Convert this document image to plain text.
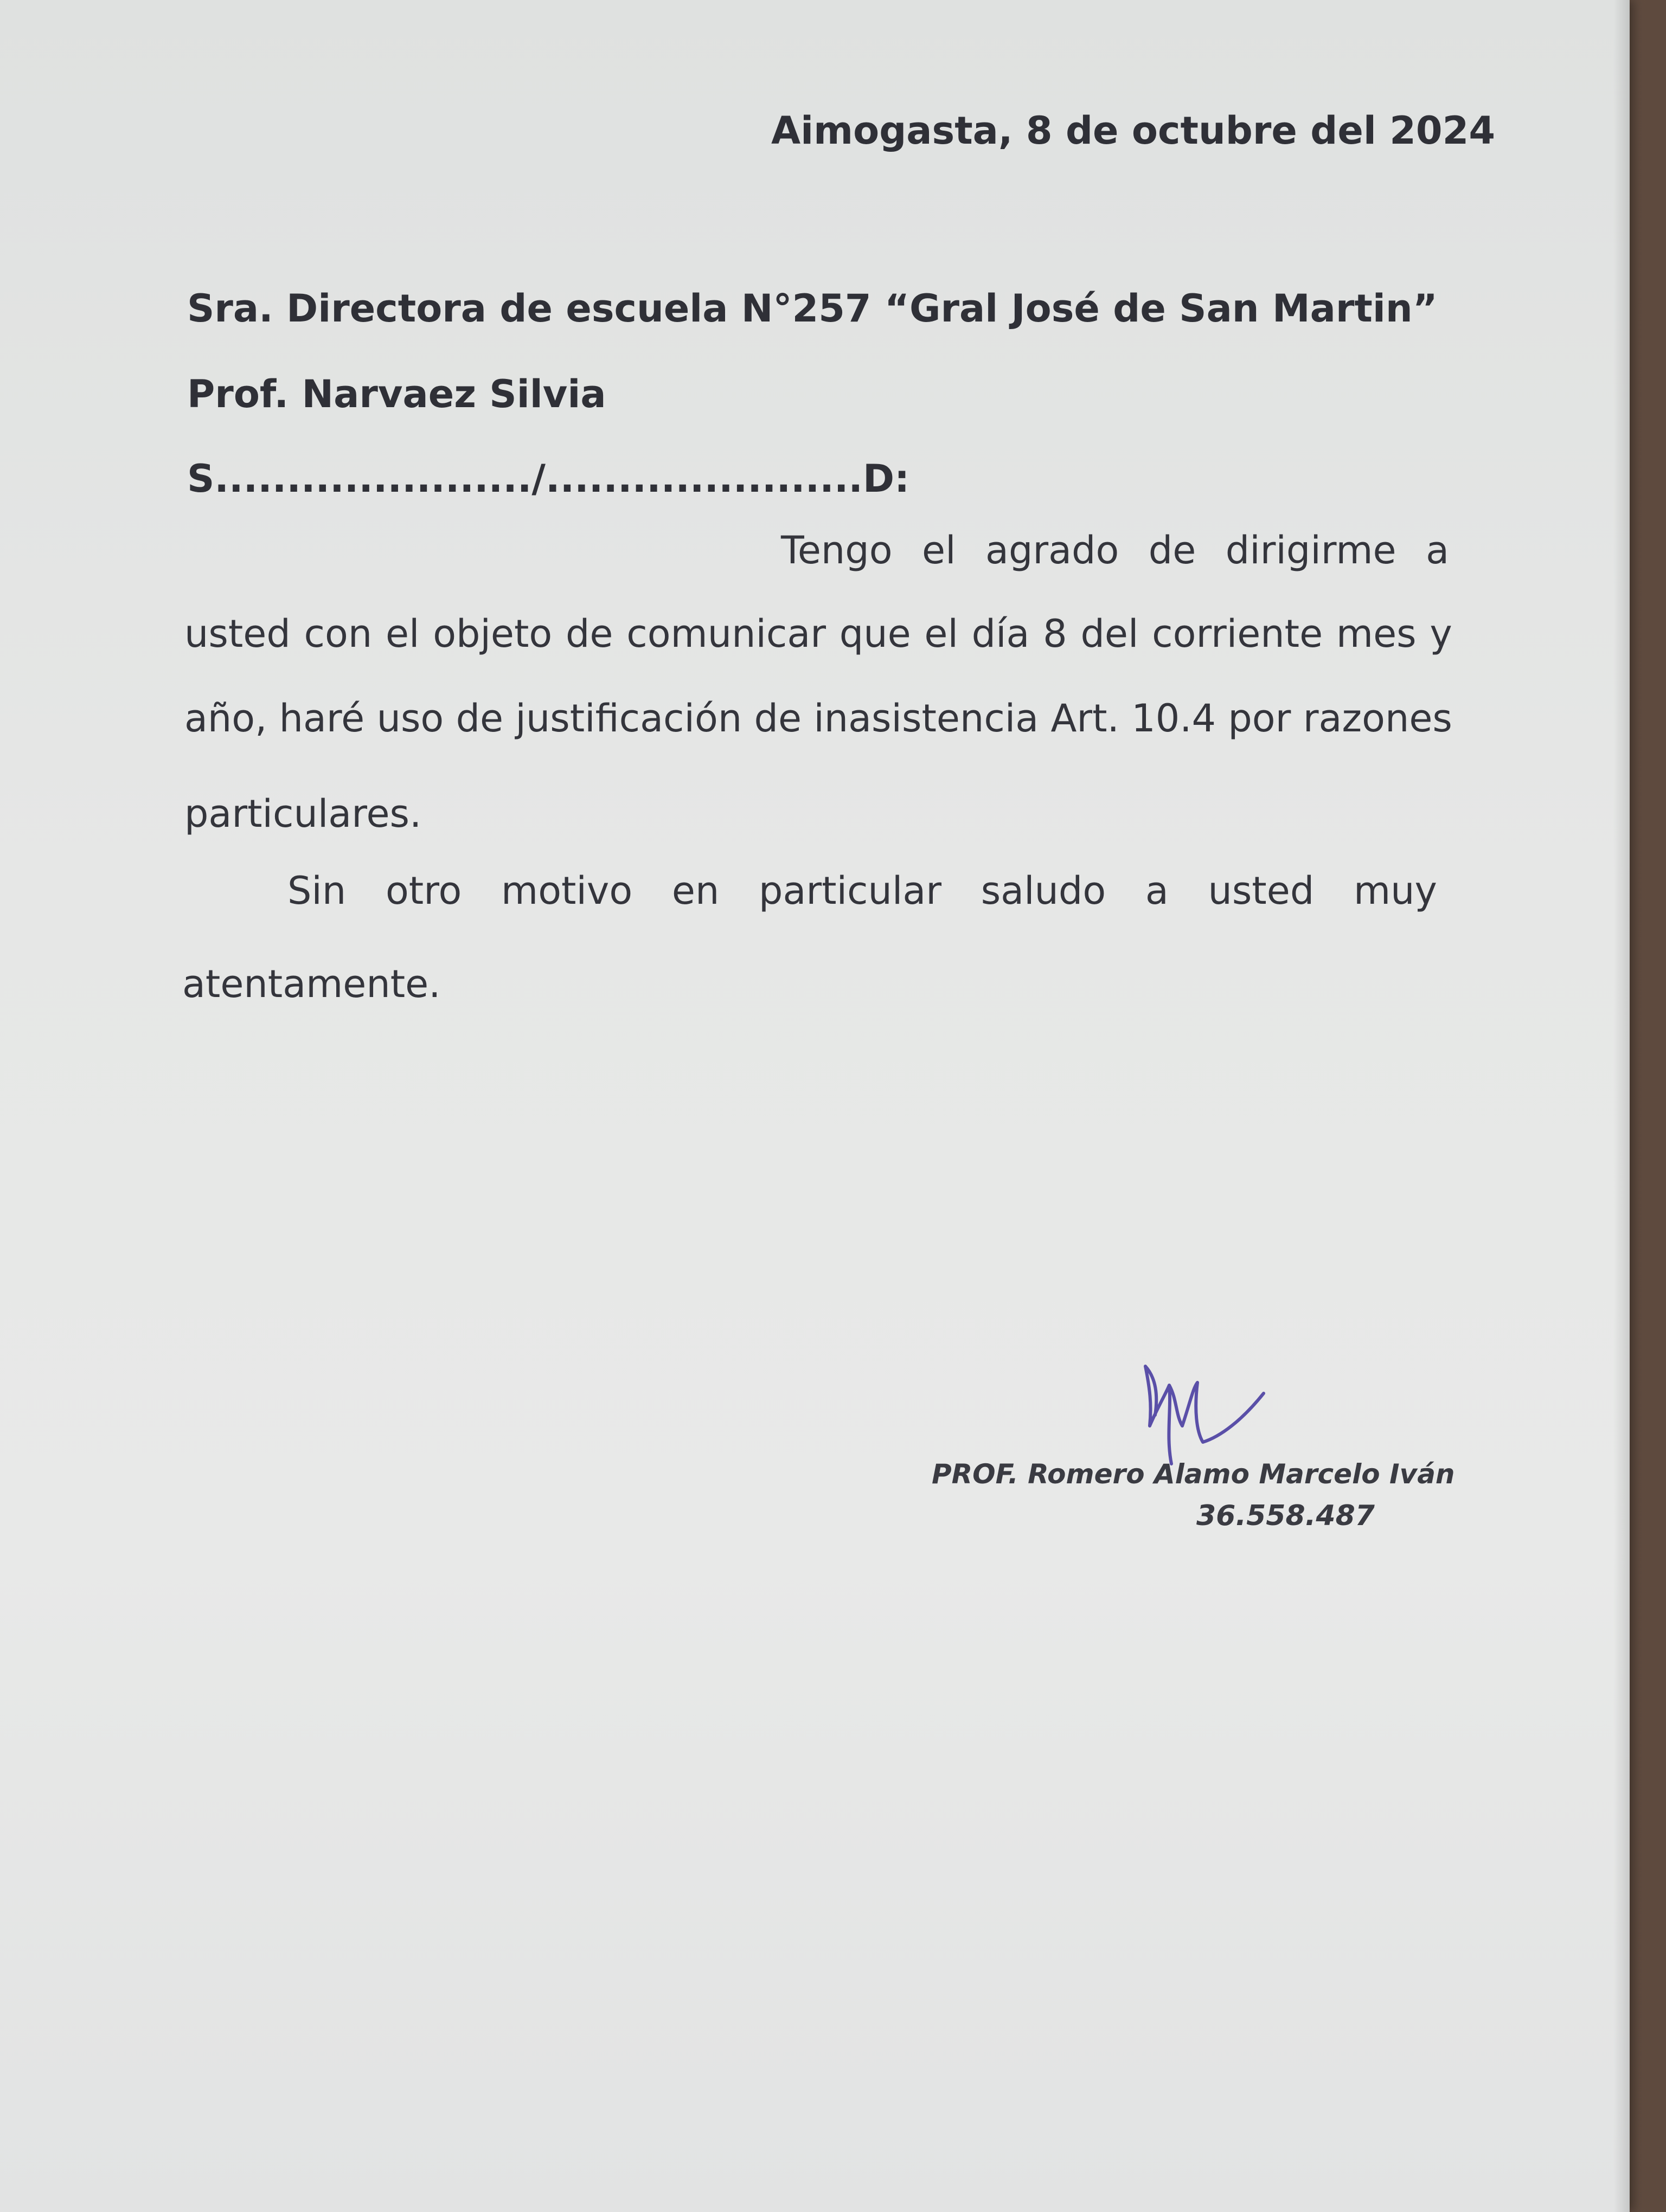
Aimogasta, 8 de octubre del 2024
Sra. Directora de escuela N°257 “Gral José de San Martin”
Prof. Narvaez Silvia
S....................../......................D:
Tengo el agrado de dirigirme a
usted con el objeto de comunicar que el día 8 del corriente mes y
año, haré uso de justificación de inasistencia Art. 10.4 por razones
particulares.
Sin otro motivo en particular saludo a usted muy
atentamente.
PROF. Romero Alamo Marcelo Iván
36.558.487
